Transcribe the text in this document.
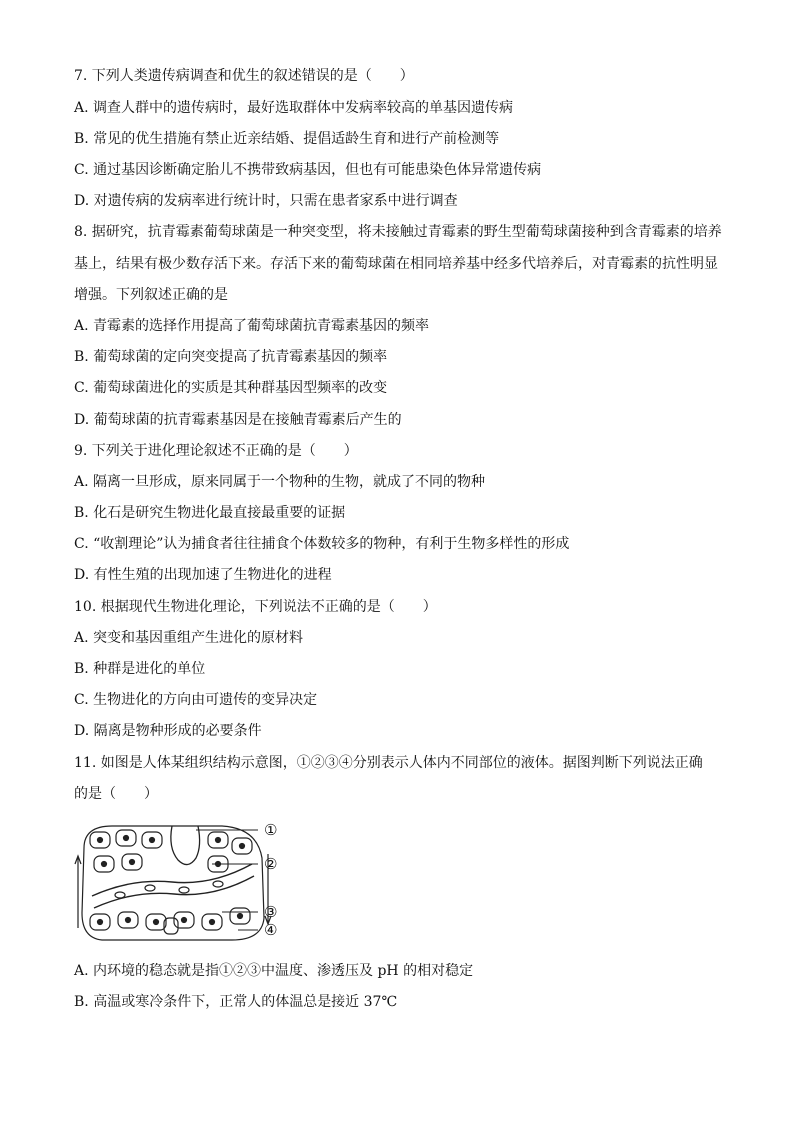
7. 下列人类遗传病调查和优生的叙述错误的是（　　）
A. 调查人群中的遗传病时，最好选取群体中发病率较高的单基因遗传病
B. 常见的优生措施有禁止近亲结婚、提倡适龄生育和进行产前检测等
C. 通过基因诊断确定胎儿不携带致病基因，但也有可能患染色体异常遗传病
D. 对遗传病的发病率进行统计时，只需在患者家系中进行调查
8. 据研究，抗青霉素葡萄球菌是一种突变型，将未接触过青霉素的野生型葡萄球菌接种到含青霉素的培养
基上，结果有极少数存活下来。存活下来的葡萄球菌在相同培养基中经多代培养后，对青霉素的抗性明显
增强。下列叙述正确的是
A. 青霉素的选择作用提高了葡萄球菌抗青霉素基因的频率
B. 葡萄球菌的定向突变提高了抗青霉素基因的频率
C. 葡萄球菌进化的实质是其种群基因型频率的改变
D. 葡萄球菌的抗青霉素基因是在接触青霉素后产生的
9. 下列关于进化理论叙述不正确的是（　　）
A. 隔离一旦形成，原来同属于一个物种的生物，就成了不同的物种
B. 化石是研究生物进化最直接最重要的证据
C. “收割理论”认为捕食者往往捕食个体数较多的物种，有利于生物多样性的形成
D. 有性生殖的出现加速了生物进化的进程
10. 根据现代生物进化理论，下列说法不正确的是（　　）
A. 突变和基因重组产生进化的原材料
B. 种群是进化的单位
C. 生物进化的方向由可遗传的变异决定
D. 隔离是物种形成的必要条件
11. 如图是人体某组织结构示意图，①②③④分别表示人体内不同部位的液体。据图判断下列说法正确
的是（　　）
①
②
③
④
A. 内环境的稳态就是指①②③中温度、渗透压及 pH 的相对稳定
B. 高温或寒冷条件下，正常人的体温总是接近 37℃
